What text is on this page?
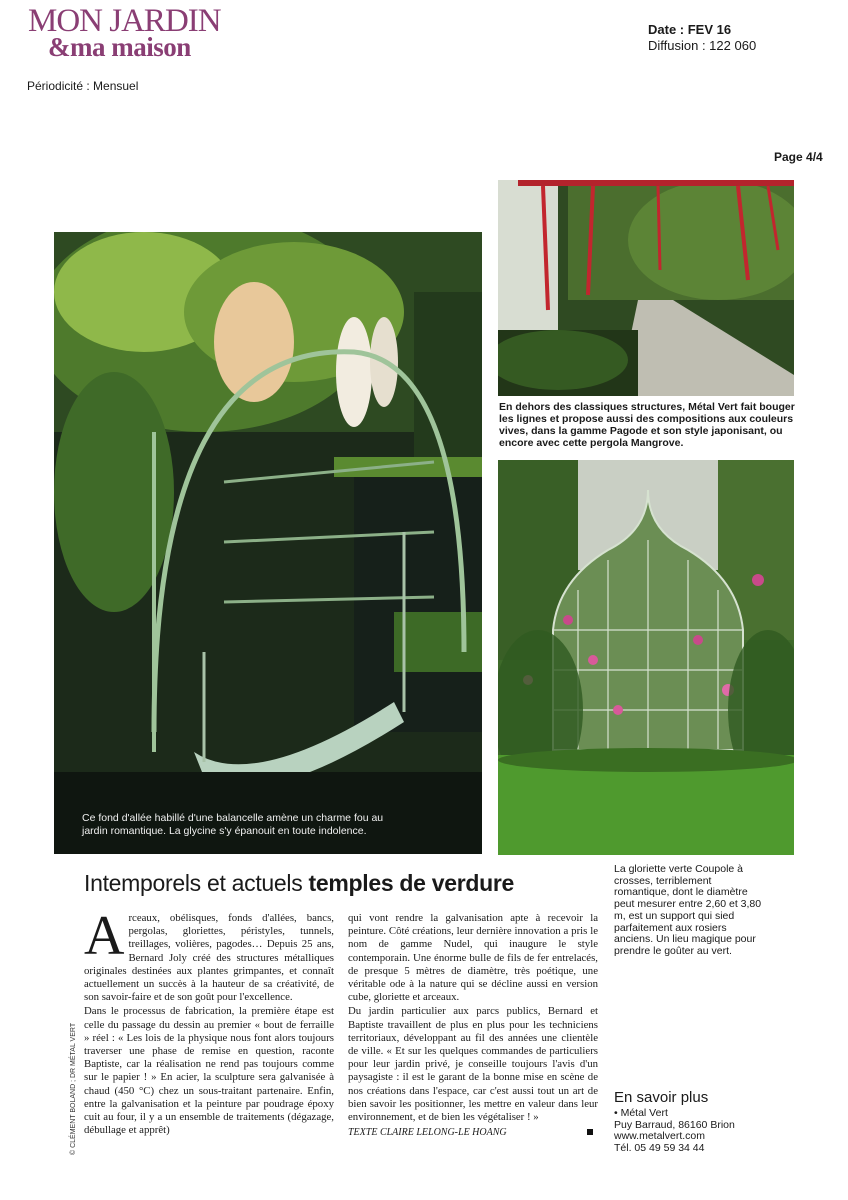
MON JARDIN
&ma maison
Date : FEV 16
Diffusion : 122 060
Périodicité : Mensuel
Page 4/4
Ce fond d'allée habillé d'une balancelle amène un charme fou au jardin romantique. La glycine s'y épanouit en toute indolence.
En dehors des classiques structures, Métal Vert fait bouger les lignes et propose aussi des compositions aux couleurs vives, dans la gamme Pagode et son style japonisant, ou encore avec cette pergola Mangrove.
La gloriette verte Coupole à crosses, terriblement romantique, dont le diamètre peut mesurer entre 2,60 et 3,80 m, est un support qui sied parfaitement aux rosiers anciens. Un lieu magique pour prendre le goûter au vert.
Intemporels et actuels temples de verdure
A rceaux, obélisques, fonds d'allées, bancs, pergolas, gloriettes, péristyles, tunnels, treillages, volières, pagodes… Depuis 25 ans, Bernard Joly créé des structures métalliques originales destinées aux plantes grimpantes, et connaît actuellement un succès à la hauteur de sa créativité, de son savoir-faire et de son goût pour l'excellence.

Dans le processus de fabrication, la première étape est celle du passage du dessin au premier « bout de ferraille » réel : « Les lois de la physique nous font alors toujours traverser une phase de remise en question, raconte Baptiste, car la réalisation ne rend pas toujours comme sur le papier ! » En acier, la sculpture sera galvanisée à chaud (450 °C) chez un sous-traitant partenaire. Enfin, entre la galvanisation et la peinture par poudrage époxy cuit au four, il y a un ensemble de traitements (dégazage, débullage et apprêt)

qui vont rendre la galvanisation apte à recevoir la peinture. Côté créations, leur dernière innovation a pris le nom de gamme Nudel, qui inaugure le style contemporain. Une énorme bulle de fils de fer entrelacés, de presque 5 mètres de diamètre, très poétique, une véritable ode à la nature qui se décline aussi en version cube, gloriette et arceaux.

Du jardin particulier aux parcs publics, Bernard et Baptiste travaillent de plus en plus pour les techniciens territoriaux, développant au fil des années une clientèle de ville. « Et sur les quelques commandes de particuliers pour leur jardin privé, je conseille toujours l'avis d'un paysagiste : il est le garant de la bonne mise en scène de nos créations dans l'espace, car c'est aussi tout un art de bien savoir les positionner, les mettre en valeur dans leur environnement, et de bien les végétaliser ! »

TEXTE CLAIRE LELONG-LE HOANG
© CLÉMENT BOLAND ; DR MÉTAL VERT	En savoir plus
• Métal Vert
Puy Barraud, 86160 Brion
www.metalvert.com
Tél. 05 49 59 34 44
